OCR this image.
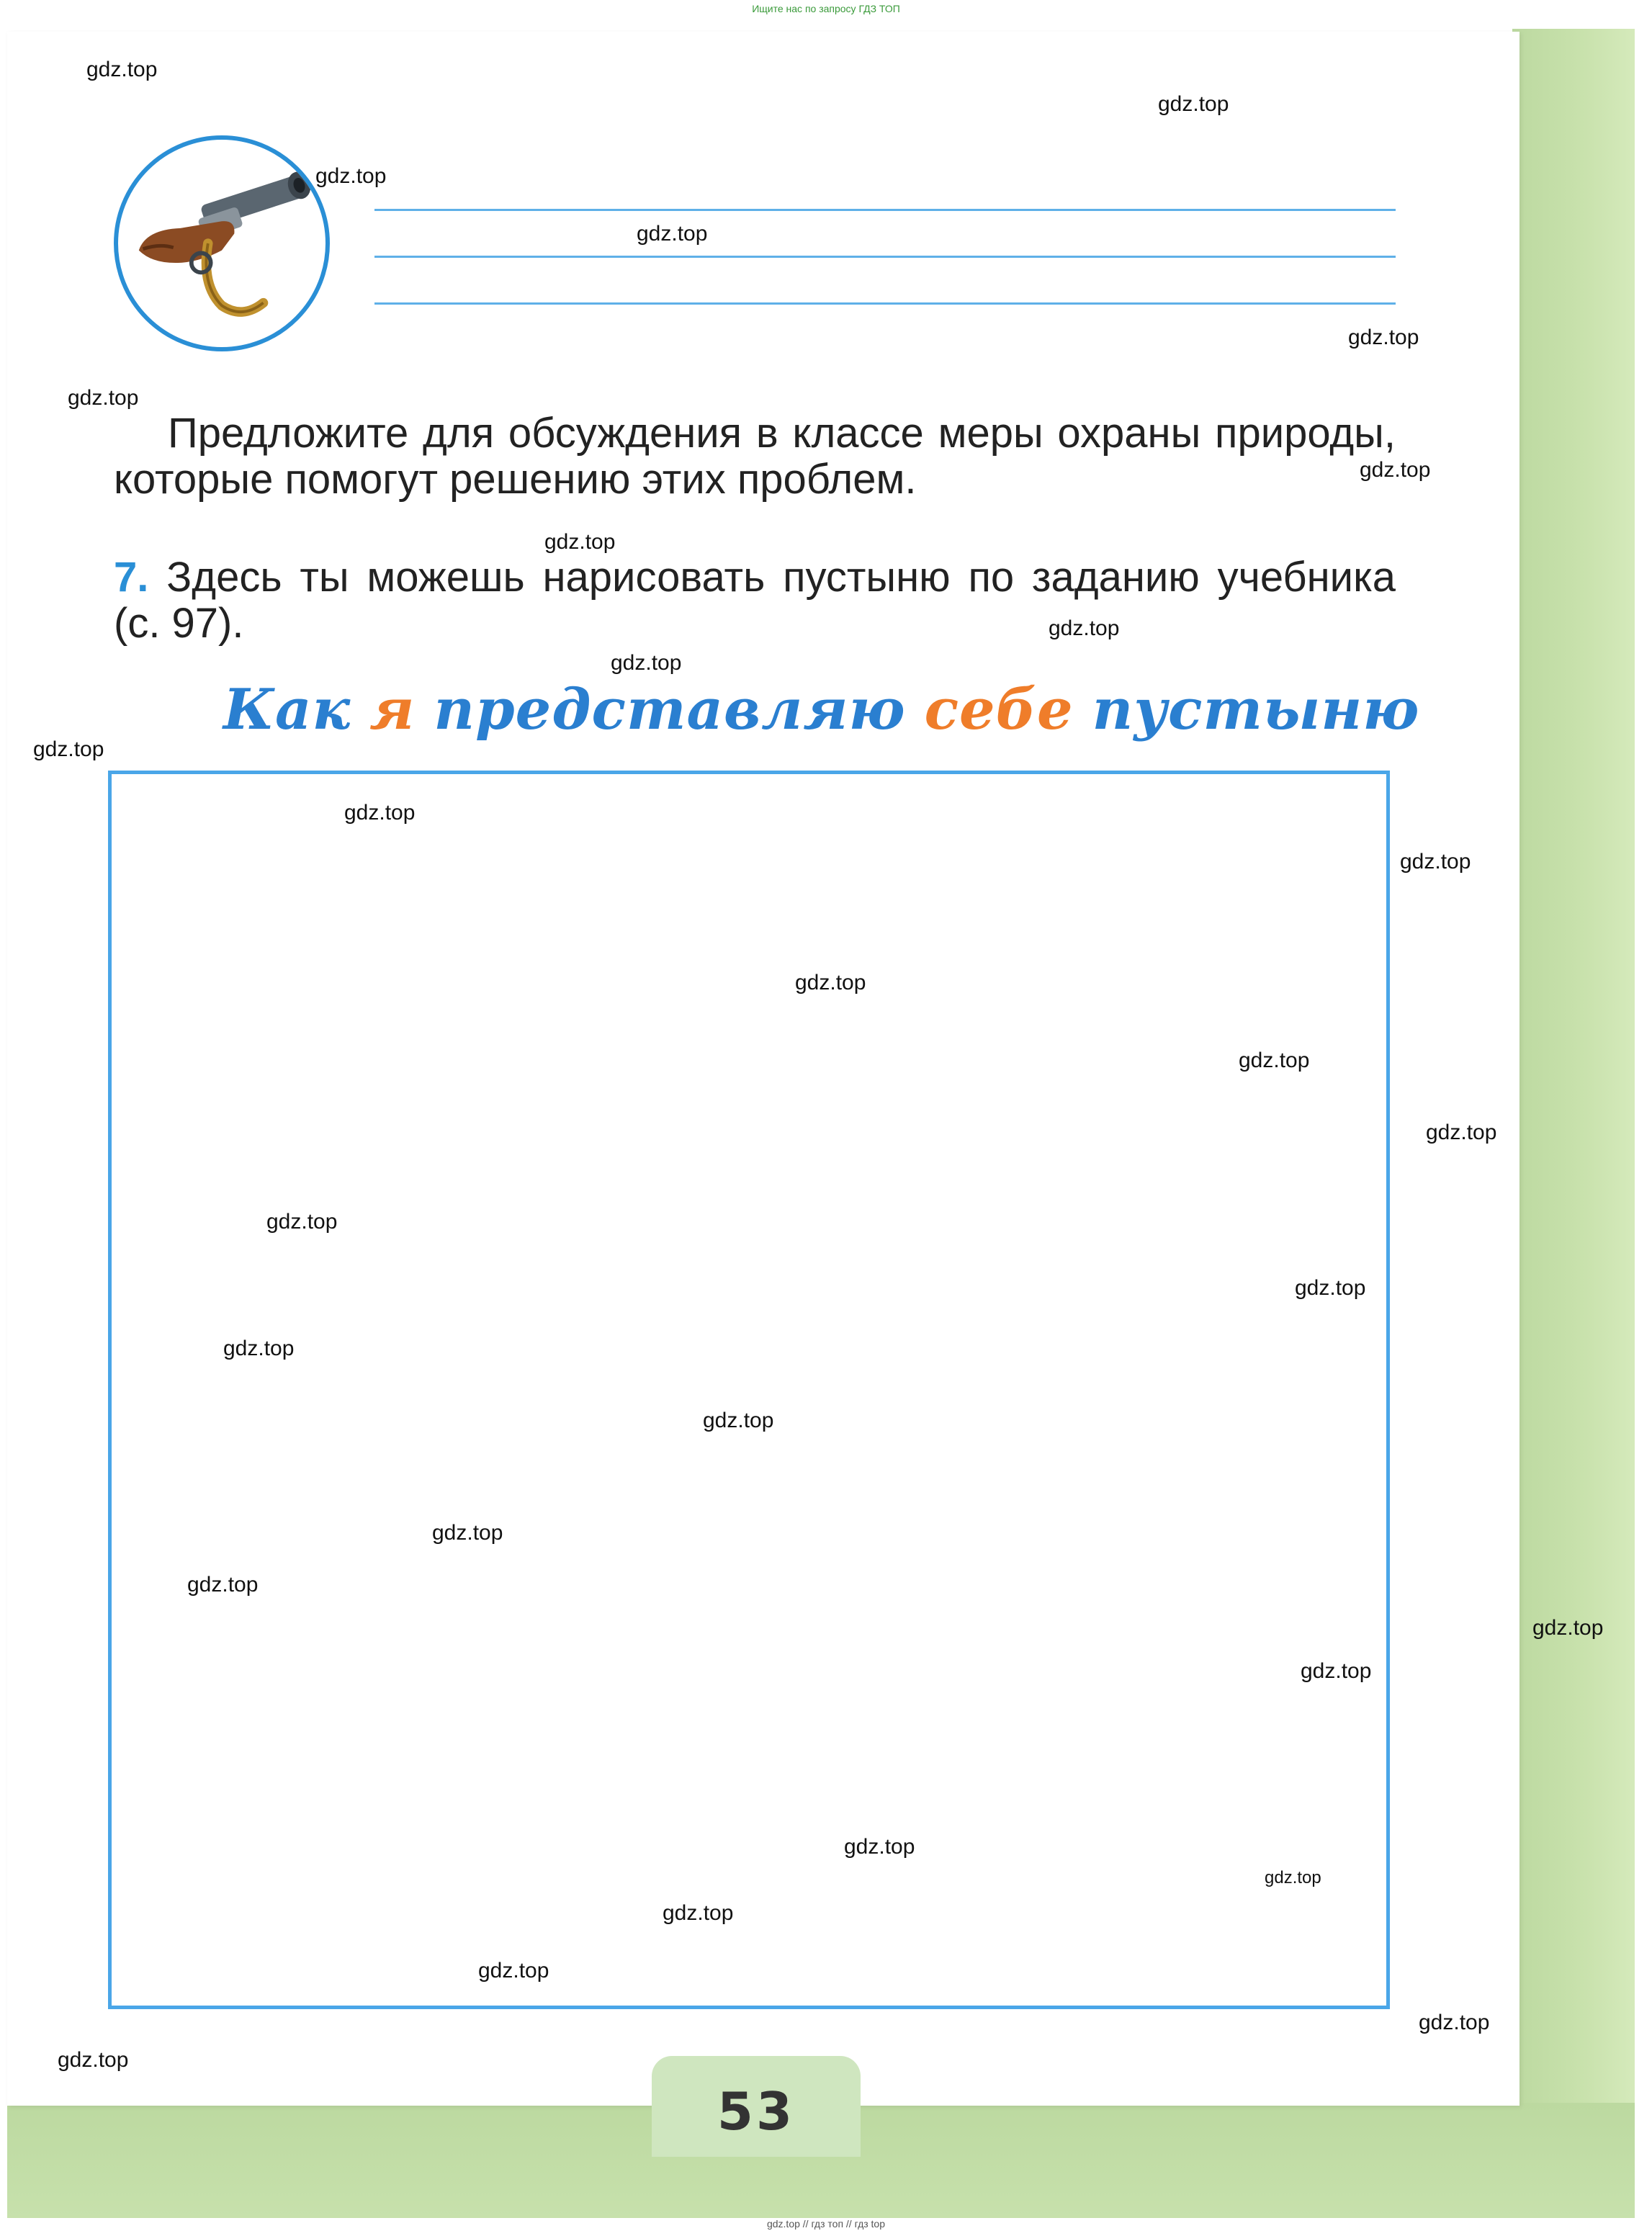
Ищите нас по запросу ГДЗ ТОП
53
Предложите для обсуждения в классе меры охраны природы, которые помогут решению этих проблем.
7. Здесь ты можешь нарисовать пустыню по заданию учебника (с. 97).
Как я представляю себе пустыню
gdz.top
gdz.top
gdz.top
gdz.top
gdz.top
gdz.top
gdz.top
gdz.top
gdz.top
gdz.top
gdz.top
gdz.top
gdz.top
gdz.top
gdz.top
gdz.top
gdz.top
gdz.top
gdz.top
gdz.top
gdz.top
gdz.top
gdz.top
gdz.top
gdz.top
gdz.top
gdz.top
gdz.top
gdz.top
gdz.top
gdz.top // гдз топ // гдз top
